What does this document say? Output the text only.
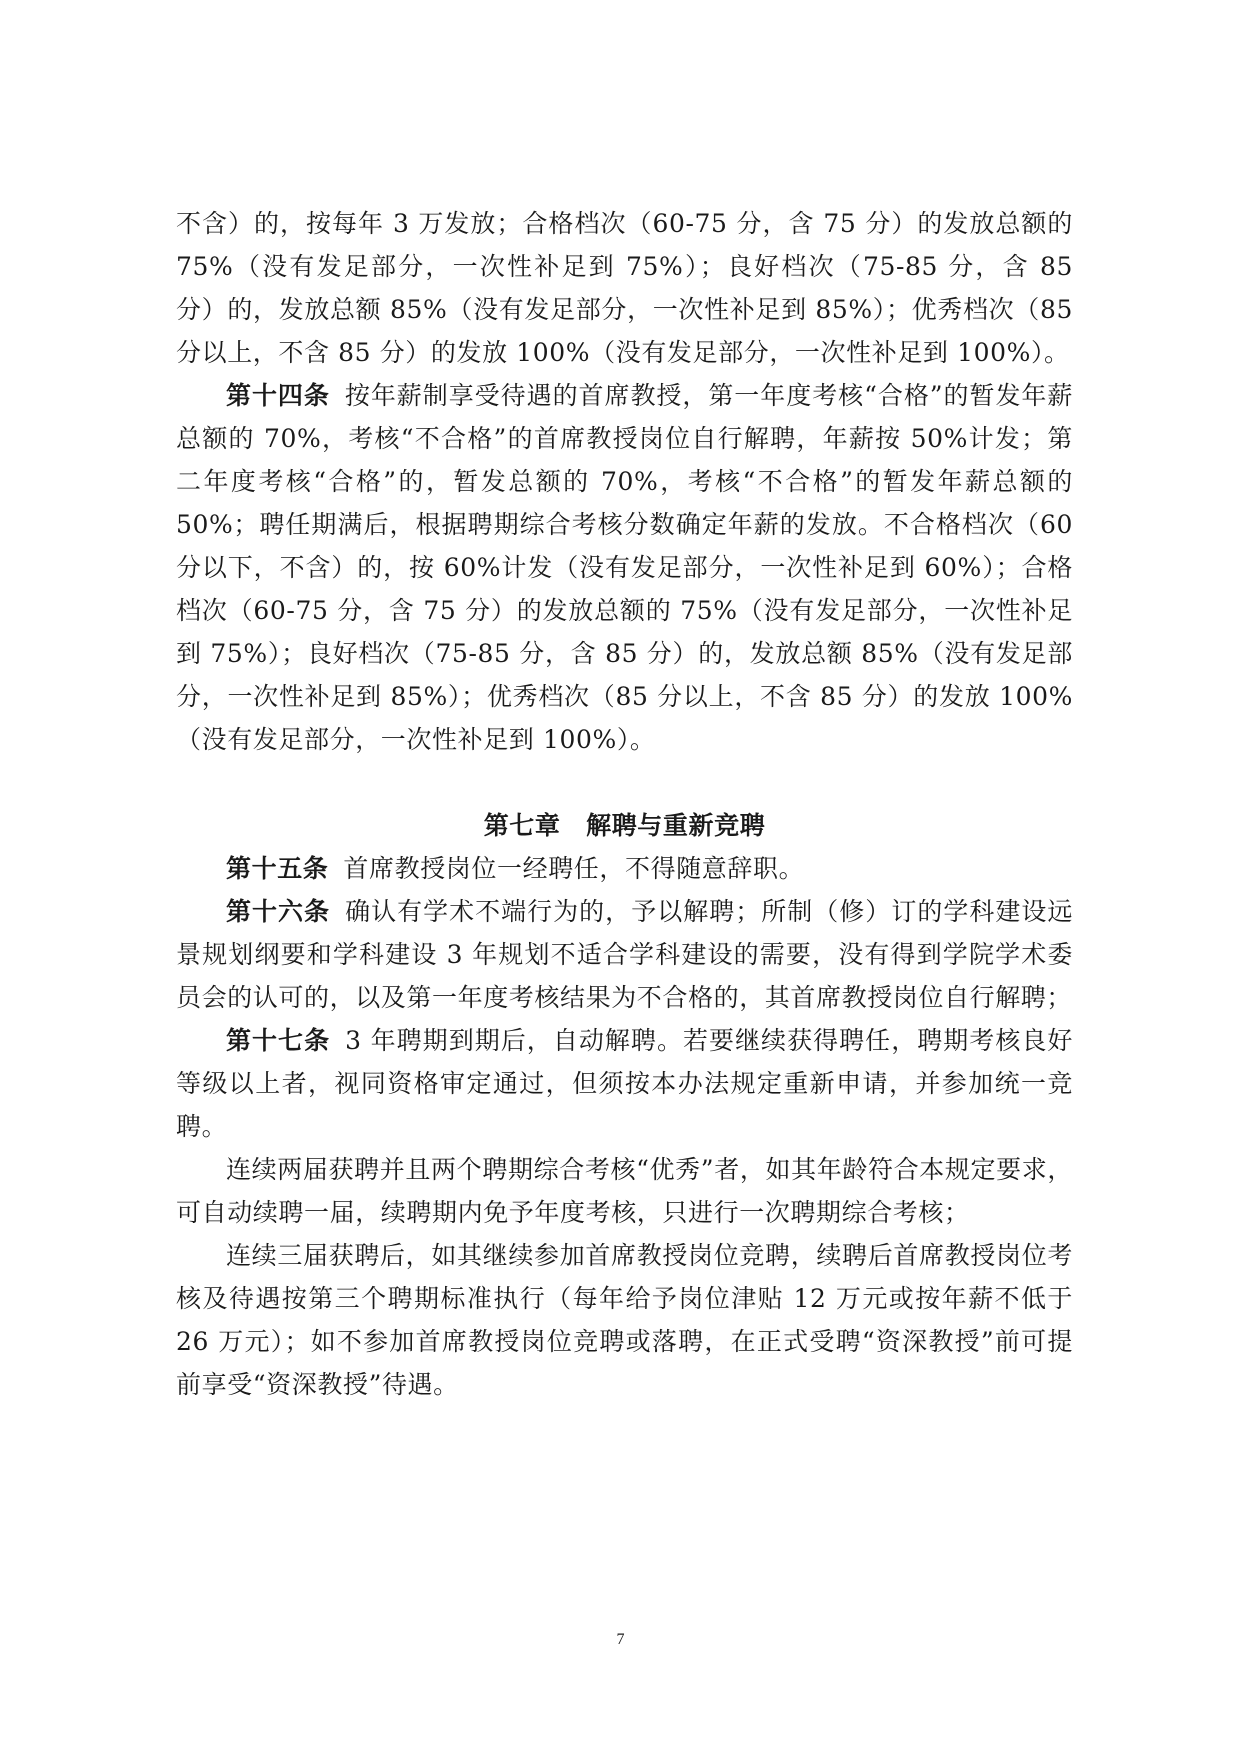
不含）的，按每年 3 万发放；合格档次（60-75 分，含 75 分）的发放总额的 75%（没有发足部分，一次性补足到 75%）；良好档次（75-85 分，含 85 分）的，发放总额 85%（没有发足部分，一次性补足到 85%）；优秀档次（85 分以上，不含 85 分）的发放 100%（没有发足部分，一次性补足到 100%）。

第十四条 按年薪制享受待遇的首席教授，第一年度考核“合格”的暂发年薪总额的 70%，考核“不合格”的首席教授岗位自行解聘，年薪按 50%计发；第二年度考核“合格”的，暂发总额的 70%，考核“不合格”的暂发年薪总额的 50%；聘任期满后，根据聘期综合考核分数确定年薪的发放。不合格档次（60 分以下，不含）的，按 60%计发（没有发足部分，一次性补足到 60%）；合格档次（60-75 分，含 75 分）的发放总额的 75%（没有发足部分，一次性补足到 75%）；良好档次（75-85 分，含 85 分）的，发放总额 85%（没有发足部分，一次性补足到 85%）；优秀档次（85 分以上，不含 85 分）的发放 100%（没有发足部分，一次性补足到 100%）。

第七章　解聘与重新竞聘

第十五条 首席教授岗位一经聘任，不得随意辞职。

第十六条 确认有学术不端行为的，予以解聘；所制（修）订的学科建设远景规划纲要和学科建设 3 年规划不适合学科建设的需要，没有得到学院学术委员会的认可的，以及第一年度考核结果为不合格的，其首席教授岗位自行解聘；

第十七条 3 年聘期到期后，自动解聘。若要继续获得聘任，聘期考核良好等级以上者，视同资格审定通过，但须按本办法规定重新申请，并参加统一竞聘。

连续两届获聘并且两个聘期综合考核“优秀”者，如其年龄符合本规定要求，可自动续聘一届，续聘期内免予年度考核，只进行一次聘期综合考核；

连续三届获聘后，如其继续参加首席教授岗位竞聘，续聘后首席教授岗位考核及待遇按第三个聘期标准执行（每年给予岗位津贴 12 万元或按年薪不低于 26 万元）；如不参加首席教授岗位竞聘或落聘，在正式受聘“资深教授”前可提前享受“资深教授”待遇。

7
